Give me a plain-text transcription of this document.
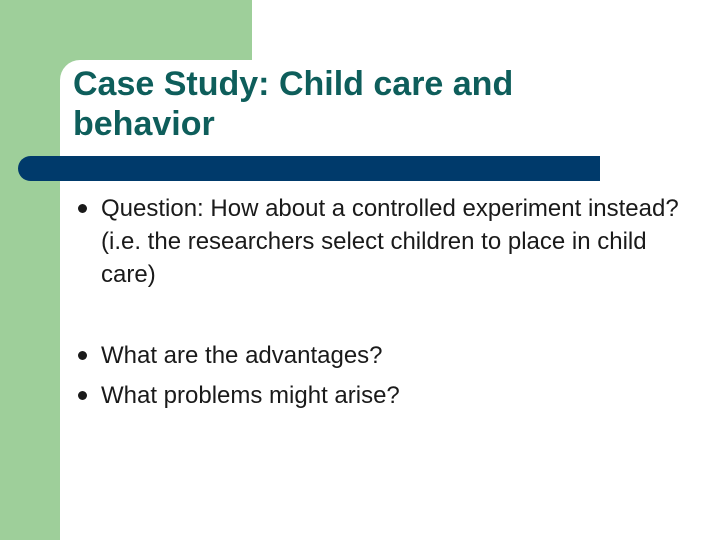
Case Study: Child care and
behavior
Question: How about a controlled experiment instead? (i.e. the researchers select children to place in child care)
What are the advantages?
What problems might arise?
